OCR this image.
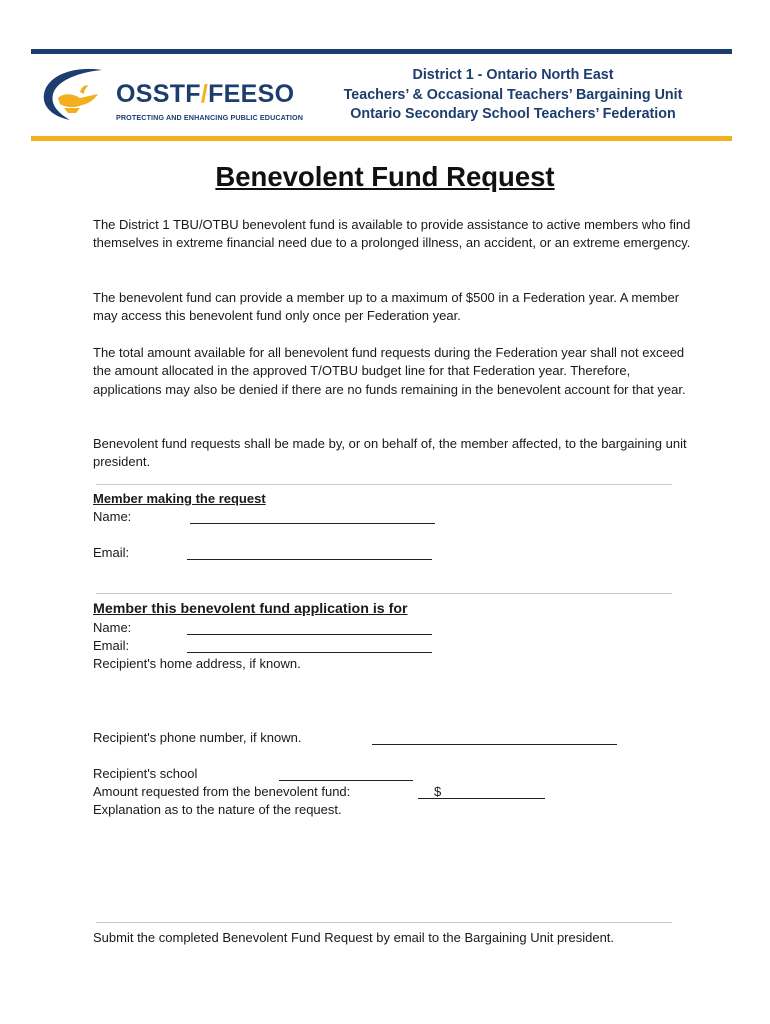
OSSTF/FEESO
PROTECTING AND ENHANCING PUBLIC EDUCATION
District 1 - Ontario North East
Teachers’ & Occasional Teachers’ Bargaining Unit
Ontario Secondary School Teachers’ Federation
Benevolent Fund Request

The District 1 TBU/OTBU benevolent fund is available to provide assistance to active members who find themselves in extreme financial need due to a prolonged illness, an accident, or an extreme emergency.

The benevolent fund can provide a member up to a maximum of $500 in a Federation year. A member may access this benevolent fund only once per Federation year.

The total amount available for all benevolent fund requests during the Federation year shall not exceed the amount allocated in the approved T/OTBU budget line for that Federation year. Therefore, applications may also be denied if there are no funds remaining in the benevolent account for that year.

Benevolent fund requests shall be made by, or on behalf of, the member affected, to the bargaining unit president.

Member making the request
Name:
Email:
Member this benevolent fund application is for
Name:
Email:
Recipient's home address, if known.
Recipient's phone number, if known.
Recipient's school
Amount requested from the benevolent fund:	$
Explanation as to the nature of the request.
Submit the completed Benevolent Fund Request by email to the Bargaining Unit president.
